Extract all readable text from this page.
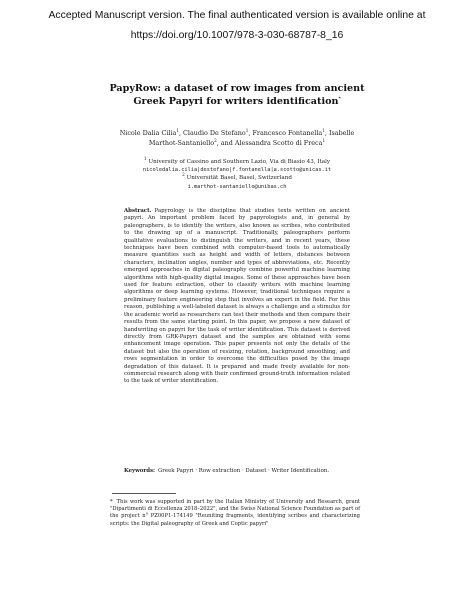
Accepted Manuscript version. The final authenticated version is available online at
https://doi.org/10.1007/978-3-030-68787-8_16
PapyRow: a dataset of row images from ancient
Greek Papyri for writers identification*
Nicole Dalia Cilia$^1$, Claudio De Stefano$^1$, Francesco Fontanella$^1$, Isabelle
Marthot-Santaniello$^2$, and Alessandra Scotto di Freca$^1$
$^1$ University of Cassino and Southern Lazio, Via di Biasio 43, Italy
nicoledalia.cilia|destefano|f.fontanella|a.scotto@unicas.it
$^2$ Universität Basel, Basel, Switzerland
i.marthot-santaniello@unibas.ch

Abstract. Papyrology is the discipline that studies texts written on ancient papyri. An important problem faced by papyrologists and, in general by paleographers, is to identify the writers, also known as scribes, who contributed to the drawing up of a manuscript. Traditionally, paleographers perform qualitative evaluations to distinguish the writers, and in recent years, these techniques have been combined with computer-based tools to automatically measure quantities such as height and width of letters, distances between characters, inclination angles, number and types of abbreviations, etc. Recently emerged approaches in digital paleography combine powerful machine learning algorithms with high-quality digital images. Some of these approaches have been used for feature extraction, other to classify writers with machine learning algorithms or deep learning systems. However, traditional techniques require a preliminary feature engineering step that involves an expert in the field. For this reason, publishing a well-labeled dataset is always a challenge and a stimulus for the academic world as researchers can test their methods and then compare their results from the same starting point. In this paper, we propose a new dataset of handwriting on papyri for the task of writer identification. This dataset is derived directly from GRK-Papyri dataset and the samples are obtained with some enhancement image operation. This paper presents not only the details of the dataset but also the operation of resizing, rotation, background smoothing, and rows segmentation in order to overcome the difficulties posed by the image degradation of this dataset. It is prepared and made freely available for non-commercial research along with their confirmed ground-truth information related to the task of writer identification.

Keywords: Greek Papyri · Row extraction · Dataset · Writer Identification.

* This work was supported in part by the Italian Ministry of University and Research, grant "Dipartimenti di Eccellenza 2018–2022", and the Swiss National Science Foundation as part of the project n° PZ00P1-174149 "Reuniting fragments, identifying scribes and characterizing scripts: the Digital paleography of Greek and Coptic papyri"
